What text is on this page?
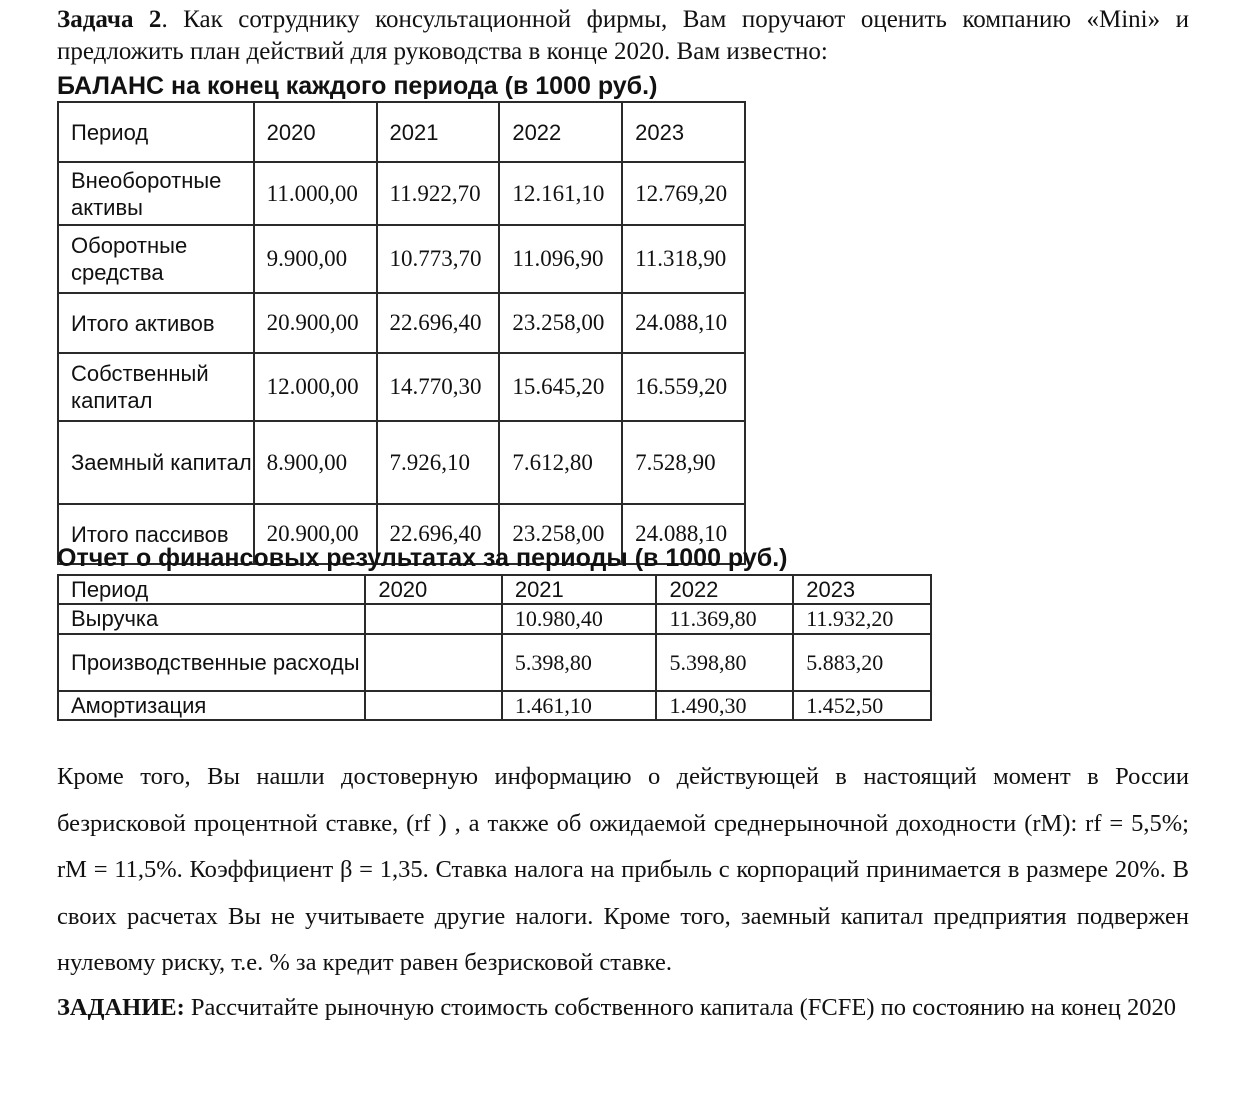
Задача 2. Как сотруднику консультационной фирмы, Вам поручают оценить компанию «Mini» и предложить план действий для руководства в конце 2020. Вам известно:

БАЛАНС на конец каждого периода (в 1000 руб.)
Период	2020	2021	2022	2023
Внеоборотные активы	11.000,00	11.922,70	12.161,10	12.769,20
Оборотные средства	9.900,00	10.773,70	11.096,90	11.318,90
Итого активов	20.900,00	22.696,40	23.258,00	24.088,10
Собственный капитал	12.000,00	14.770,30	15.645,20	16.559,20
Заемный капитал	8.900,00	7.926,10	7.612,80	7.528,90
Итого пассивов	20.900,00	22.696,40	23.258,00	24.088,10
Отчет о финансовых результатах за периоды (в 1000 руб.)
Период	2020	2021	2022	2023
Выручка		10.980,40	11.369,80	11.932,20
Производственные расходы		5.398,80	5.398,80	5.883,20
Амортизация		1.461,10	1.490,30	1.452,50

Кроме того, Вы нашли достоверную информацию о действующей в настоящий момент в России безрисковой процентной ставке, (rf ) , а также об ожидаемой среднерыночной доходности (rM): rf = 5,5%; rM = 11,5%. Коэффициент β = 1,35. Ставка налога на прибыль с корпораций принимается в размере 20%. В своих расчетах Вы не учитываете другие налоги. Кроме того, заемный капитал предприятия подвержен нулевому риску, т.е. % за кредит равен безрисковой ставке.

ЗАДАНИЕ: Рассчитайте рыночную стоимость собственного капитала (FCFE) по состоянию на конец 2020
